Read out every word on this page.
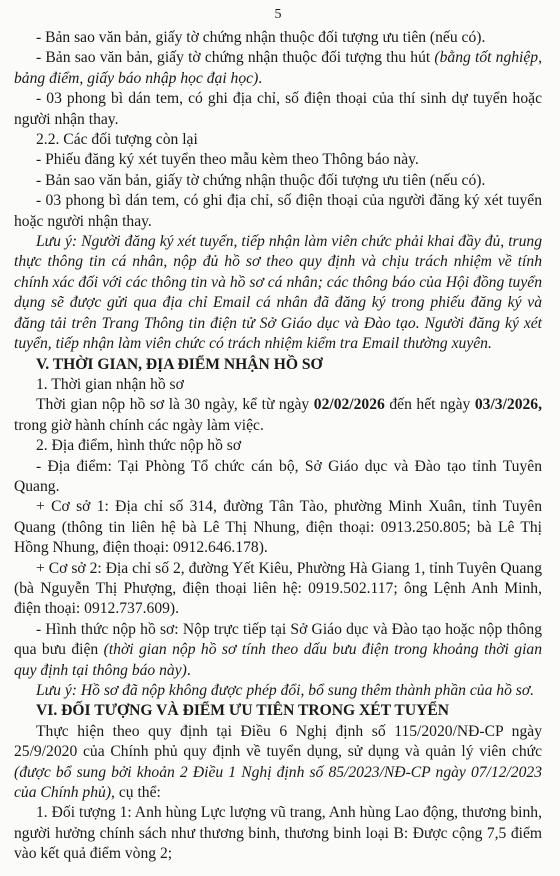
5

- Bản sao văn bản, giấy tờ chứng nhận thuộc đối tượng ưu tiên (nếu có).

- Bản sao văn bản, giấy tờ chứng nhận thuộc đối tượng thu hút (bằng tốt nghiệp, bảng điểm, giấy báo nhập học đại học).

- 03 phong bì dán tem, có ghi địa chỉ, số điện thoại của thí sinh dự tuyển hoặc người nhận thay.

2.2. Các đối tượng còn lại

- Phiếu đăng ký xét tuyển theo mẫu kèm theo Thông báo này.

- Bản sao văn bản, giấy tờ chứng nhận thuộc đối tượng ưu tiên (nếu có).

- 03 phong bì dán tem, có ghi địa chỉ, số điện thoại của người đăng ký xét tuyển hoặc người nhận thay.

Lưu ý: Người đăng ký xét tuyển, tiếp nhận làm viên chức phải khai đầy đủ, trung thực thông tin cá nhân, nộp đủ hồ sơ theo quy định và chịu trách nhiệm về tính chính xác đối với các thông tin và hồ sơ cá nhân; các thông báo của Hội đồng tuyển dụng sẽ được gửi qua địa chỉ Email cá nhân đã đăng ký trong phiếu đăng ký và đăng tải trên Trang Thông tin điện tử Sở Giáo dục và Đào tạo. Người đăng ký xét tuyển, tiếp nhận làm viên chức có trách nhiệm kiểm tra Email thường xuyên.

V. THỜI GIAN, ĐỊA ĐIỂM NHẬN HỒ SƠ

1. Thời gian nhận hồ sơ

Thời gian nộp hồ sơ là 30 ngày, kể từ ngày 02/02/2026 đến hết ngày 03/3/2026, trong giờ hành chính các ngày làm việc.

2. Địa điểm, hình thức nộp hồ sơ

- Địa điểm: Tại Phòng Tổ chức cán bộ, Sở Giáo dục và Đào tạo tỉnh Tuyên Quang.

+ Cơ sở 1: Địa chỉ số 314, đường Tân Tào, phường Minh Xuân, tỉnh Tuyên Quang (thông tin liên hệ bà Lê Thị Nhung, điện thoại: 0913.250.805; bà Lê Thị Hồng Nhung, điện thoại: 0912.646.178).

+ Cơ sở 2: Địa chỉ số 2, đường Yết Kiêu, Phường Hà Giang 1, tỉnh Tuyên Quang (bà Nguyễn Thị Phượng, điện thoại liên hệ: 0919.502.117; ông Lệnh Anh Minh, điện thoại: 0912.737.609).

- Hình thức nộp hồ sơ: Nộp trực tiếp tại Sở Giáo dục và Đào tạo hoặc nộp thông qua bưu điện (thời gian nộp hồ sơ tính theo dấu bưu điện trong khoảng thời gian quy định tại thông báo này).

Lưu ý: Hồ sơ đã nộp không được phép đổi, bổ sung thêm thành phần của hồ sơ.

VI. ĐỐI TƯỢNG VÀ ĐIỂM ƯU TIÊN TRONG XÉT TUYỂN

Thực hiện theo quy định tại Điều 6 Nghị định số 115/2020/NĐ-CP ngày 25/9/2020 của Chính phủ quy định về tuyển dụng, sử dụng và quản lý viên chức (được bổ sung bởi khoản 2 Điều 1 Nghị định số 85/2023/NĐ-CP ngày 07/12/2023 của Chính phủ), cụ thể:

1. Đối tượng 1: Anh hùng Lực lượng vũ trang, Anh hùng Lao động, thương binh, người hưởng chính sách như thương binh, thương binh loại B: Được cộng 7,5 điểm vào kết quả điểm vòng 2;
